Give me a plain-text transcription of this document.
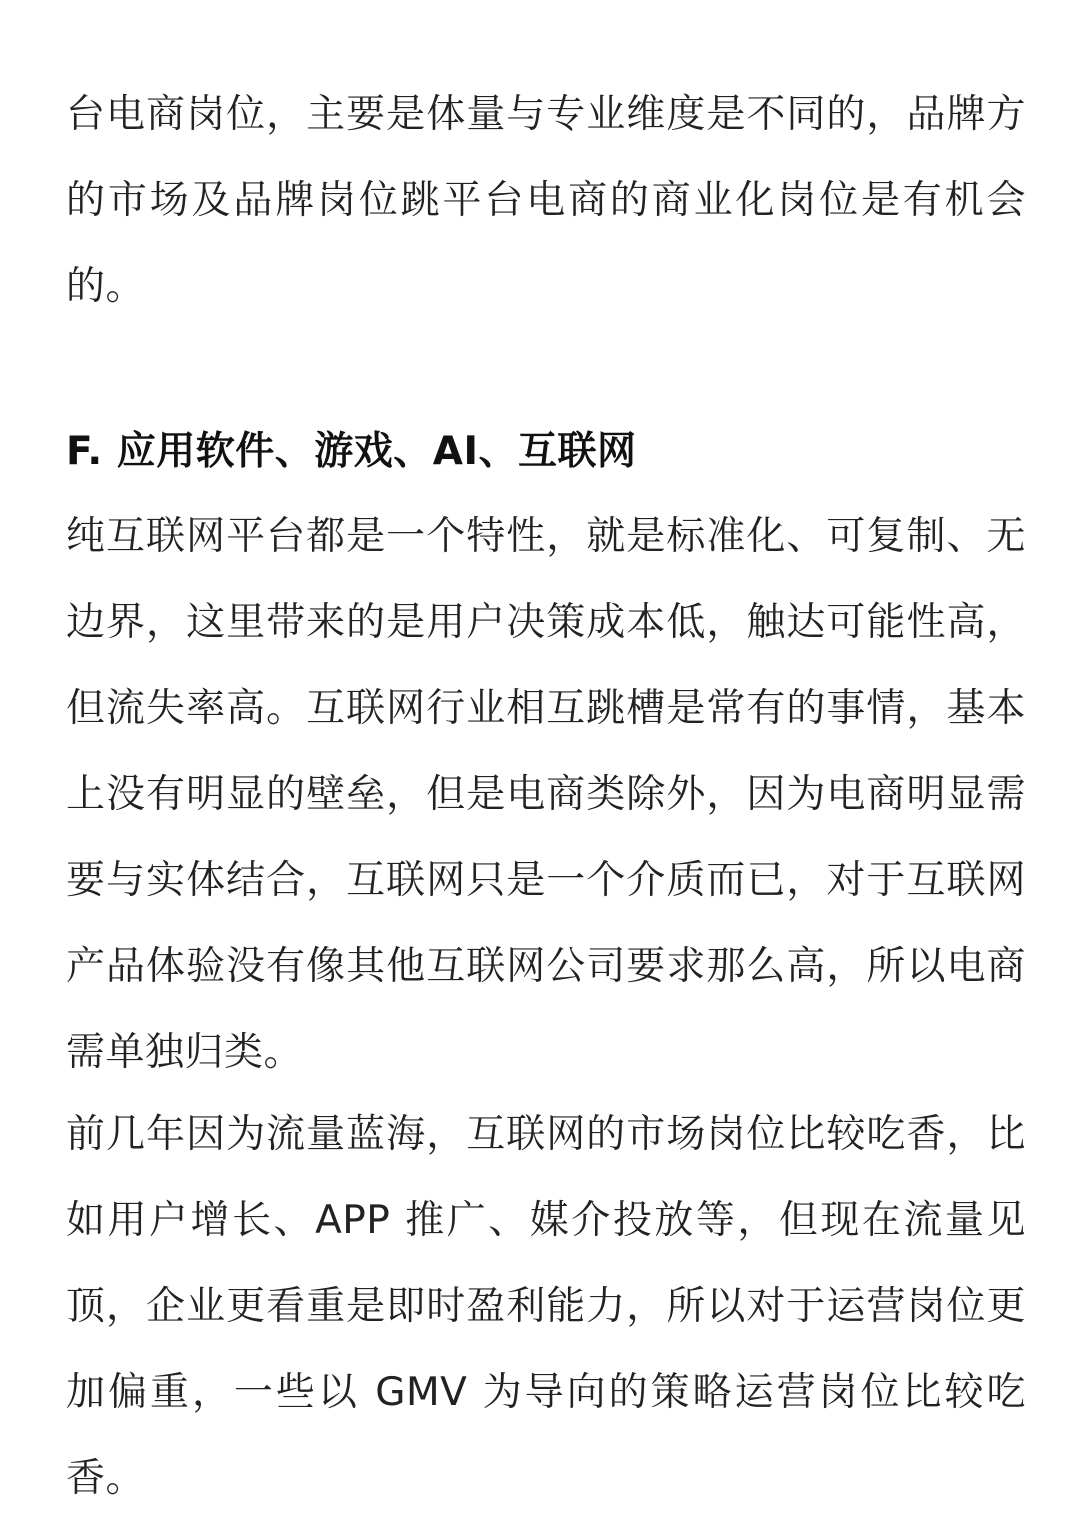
台电商岗位，主要是体量与专业维度是不同的，品牌方的市场及品牌岗位跳平台电商的商业化岗位是有机会的。

F. 应用软件、游戏、AI、互联网

纯互联网平台都是一个特性，就是标准化、可复制、无边界，这里带来的是用户决策成本低，触达可能性高，但流失率高。互联网行业相互跳槽是常有的事情，基本上没有明显的壁垒，但是电商类除外，因为电商明显需要与实体结合，互联网只是一个介质而已，对于互联网产品体验没有像其他互联网公司要求那么高，所以电商需单独归类。

前几年因为流量蓝海，互联网的市场岗位比较吃香，比如用户增长、APP 推广、媒介投放等，但现在流量见顶，企业更看重是即时盈利能力，所以对于运营岗位更加偏重，一些以 GMV 为导向的策略运营岗位比较吃香。
